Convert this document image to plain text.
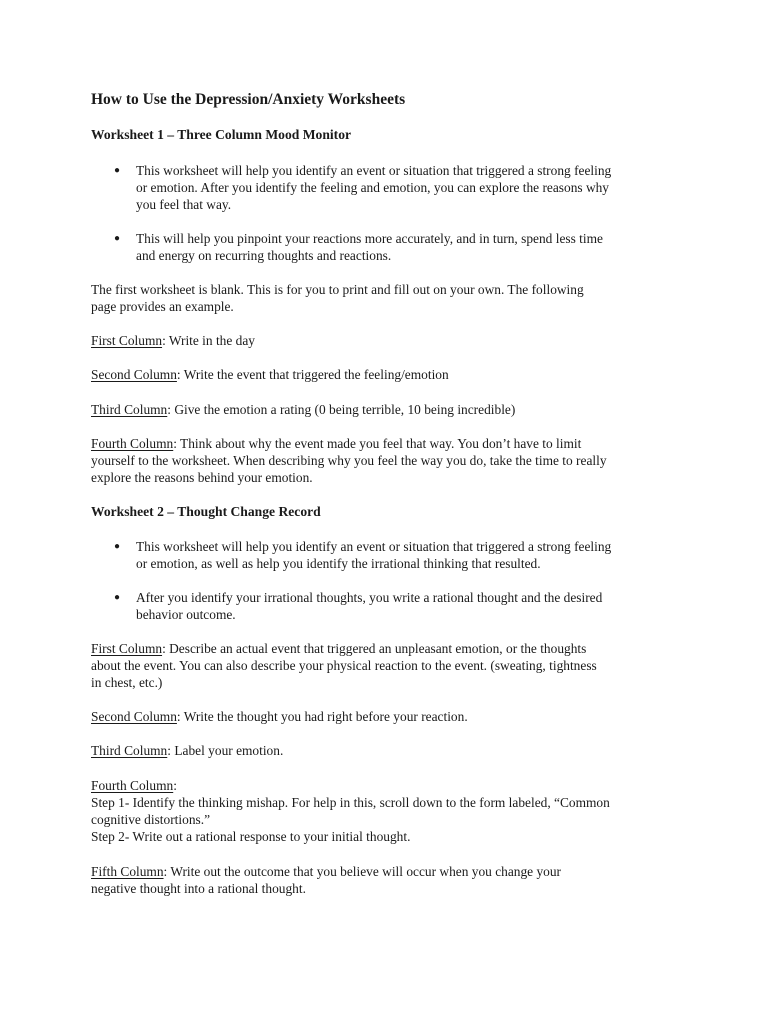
How to Use the Depression/Anxiety Worksheets
Worksheet 1 – Three Column Mood Monitor
● This worksheet will help you identify an event or situation that triggered a strong feeling
or emotion. After you identify the feeling and emotion, you can explore the reasons why
you feel that way.
● This will help you pinpoint your reactions more accurately, and in turn, spend less time
and energy on recurring thoughts and reactions.
The first worksheet is blank. This is for you to print and fill out on your own. The following
page provides an example.
First Column: Write in the day
Second Column: Write the event that triggered the feeling/emotion
Third Column: Give the emotion a rating (0 being terrible, 10 being incredible)
Fourth Column: Think about why the event made you feel that way. You don’t have to limit
yourself to the worksheet. When describing why you feel the way you do, take the time to really
explore the reasons behind your emotion.
Worksheet 2 – Thought Change Record
● This worksheet will help you identify an event or situation that triggered a strong feeling
or emotion, as well as help you identify the irrational thinking that resulted.
● After you identify your irrational thoughts, you write a rational thought and the desired
behavior outcome.
First Column: Describe an actual event that triggered an unpleasant emotion, or the thoughts
about the event. You can also describe your physical reaction to the event. (sweating, tightness
in chest, etc.)
Second Column: Write the thought you had right before your reaction.
Third Column: Label your emotion.
Fourth Column:
Step 1- Identify the thinking mishap. For help in this, scroll down to the form labeled, “Common
cognitive distortions.”
Step 2- Write out a rational response to your initial thought.
Fifth Column: Write out the outcome that you believe will occur when you change your
negative thought into a rational thought.
